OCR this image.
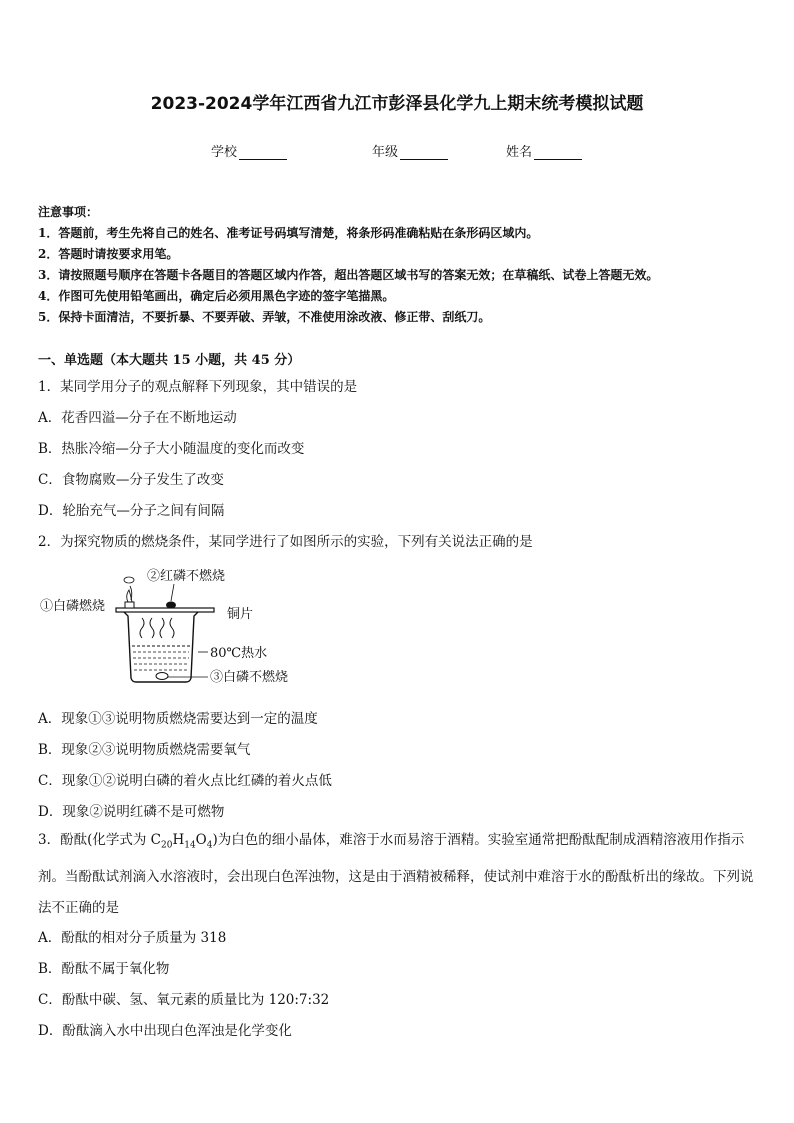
2023-2024学年江西省九江市彭泽县化学九上期末统考模拟试题
学校	年级	姓名
注意事项：
1．答题前，考生先将自己的姓名、准考证号码填写清楚，将条形码准确粘贴在条形码区域内。
2．答题时请按要求用笔。
3．请按照题号顺序在答题卡各题目的答题区域内作答，超出答题区域书写的答案无效；在草稿纸、试卷上答题无效。
4．作图可先使用铅笔画出，确定后必须用黑色字迹的签字笔描黑。
5．保持卡面清洁，不要折暴、不要弄破、弄皱，不准使用涂改液、修正带、刮纸刀。
一、单选题（本大题共 15 小题，共 45 分）
1．某同学用分子的观点解释下列现象，其中错误的是
A．花香四溢—分子在不断地运动
B．热胀冷缩—分子大小随温度的变化而改变
C．食物腐败—分子发生了改变
D．轮胎充气—分子之间有间隔
2．为探究物质的燃烧条件，某同学进行了如图所示的实验，下列有关说法正确的是
②红磷不燃烧
①白磷燃烧
铜片
80℃热水
③白磷不燃烧
A．现象①③说明物质燃烧需要达到一定的温度
B．现象②③说明物质燃烧需要氧气
C．现象①②说明白磷的着火点比红磷的着火点低
D．现象②说明红磷不是可燃物
3．酚酞(化学式为 $C_{20}H_{14}O_4$)为白色的细小晶体，难溶于水而易溶于酒精。实验室通常把酚酞配制成酒精溶液用作指示剂。当酚酞试剂滴入水溶液时，会出现白色浑浊物，这是由于酒精被稀释，使试剂中难溶于水的酚酞析出的缘故。下列说法不正确的是
A．酚酞的相对分子质量为 318
B．酚酞不属于氧化物
C．酚酞中碳、氢、氧元素的质量比为 120:7:32
D．酚酞滴入水中出现白色浑浊是化学变化
